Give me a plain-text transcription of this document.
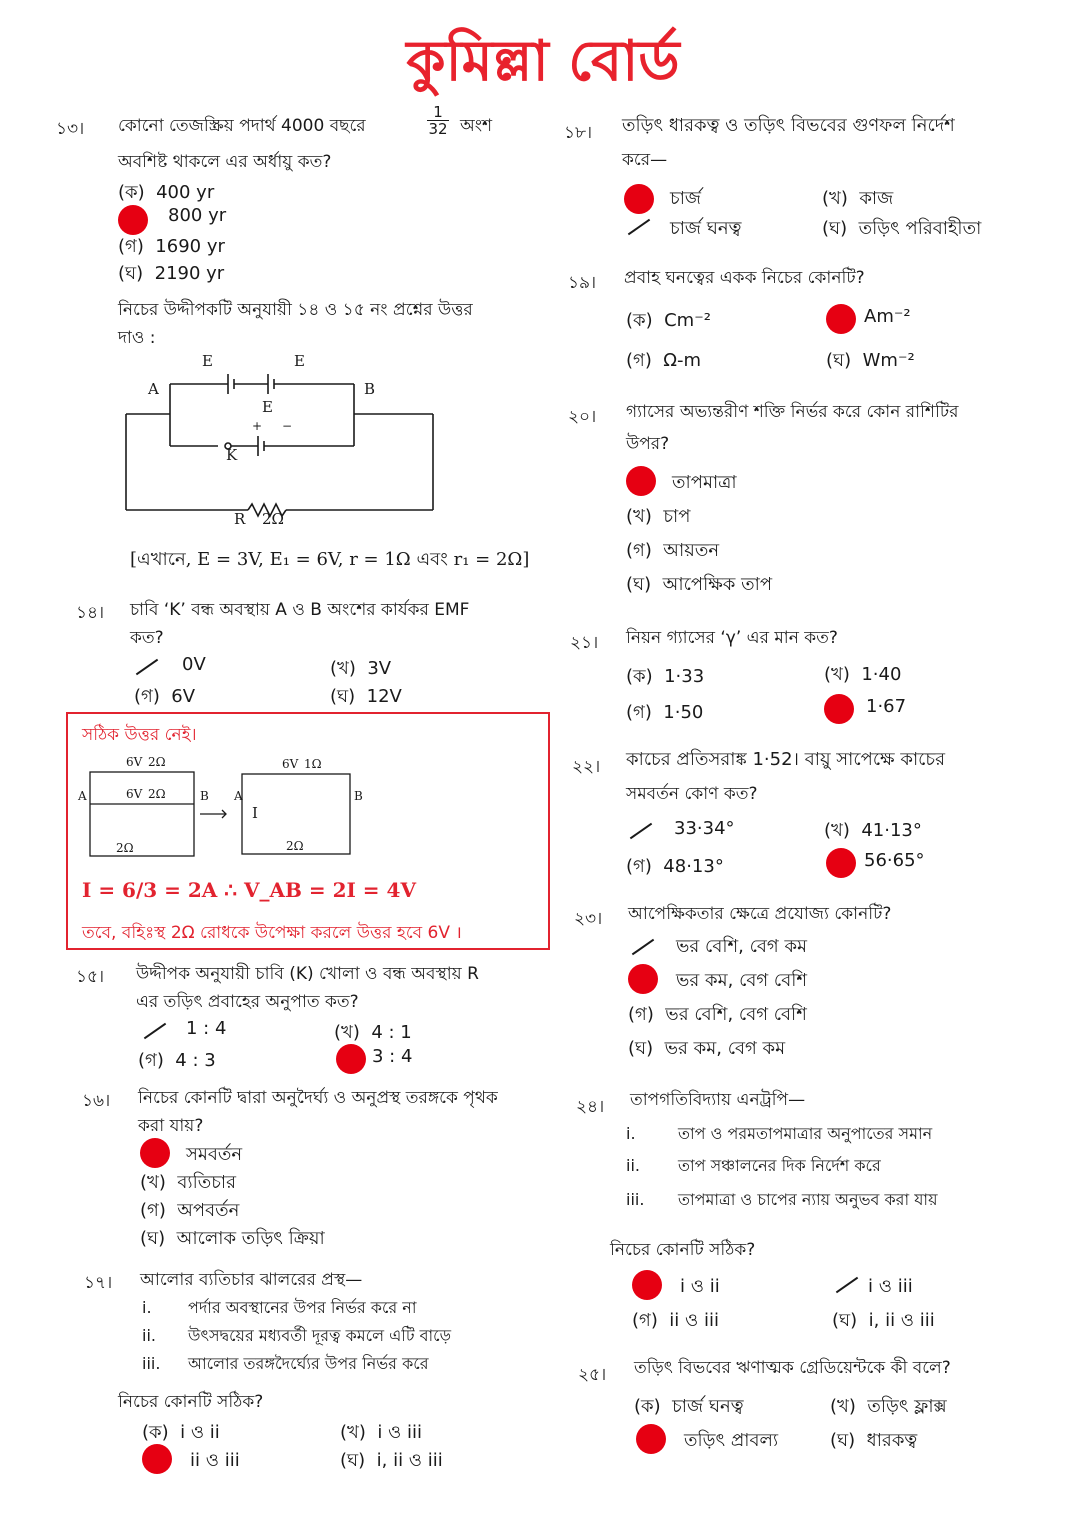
কুমিল্লা বোর্ড
১৩। কোনো তেজস্ক্রিয় পদার্থ 4000 বছরে	$\frac{1}{32}$ অংশ
অবশিষ্ট থাকলে এর অর্ধায়ু কত?
(ক) 400 yr
800 yr
(গ) 1690 yr
(ঘ) 2190 yr
নিচের উদ্দীপকটি অনুযায়ী ১৪ ও ১৫ নং প্রশ্নের উত্তর
দাও :
A	B
E	E
E
K
R 2Ω
+ −
[এখানে, E = 3V, E₁ = 6V, r = 1Ω এবং r₁ = 2Ω]
১৪। চাবি ‘K’ বন্ধ অবস্থায় A ও B অংশের কার্যকর EMF
কত?
0V	(খ) 3V
(গ) 6V	(ঘ) 12V
সঠিক উত্তর নেই।
A	B A	B
6V 2Ω
6V 2Ω
2Ω
6V 1Ω
2Ω
I
I = 6/3 = 2A ∴ V_AB = 2I = 4V
তবে, বহিঃস্থ 2Ω রোধকে উপেক্ষা করলে উত্তর হবে 6V ।
১৫। উদ্দীপক অনুযায়ী চাবি (K) খোলা ও বন্ধ অবস্থায় R
এর তড়িৎ প্রবাহের অনুপাত কত?
1 : 4	(খ) 4 : 1
(গ) 4 : 3	3 : 4
১৬। নিচের কোনটি দ্বারা অনুদৈর্ঘ্য ও অনুপ্রস্থ তরঙ্গকে পৃথক
করা যায়?
সমবর্তন
(খ) ব্যতিচার
(গ) অপবর্তন
(ঘ) আলোক তড়িৎ ক্রিয়া
১৭। আলোর ব্যতিচার ঝালরের প্রস্থ—
i. পর্দার অবস্থানের উপর নির্ভর করে না
ii. উৎসদ্বয়ের মধ্যবর্তী দূরত্ব কমলে এটি বাড়ে
iii. আলোর তরঙ্গদৈর্ঘ্যের উপর নির্ভর করে
নিচের কোনটি সঠিক?
(ক) i ও ii	(খ) i ও iii
ii ও iii	(ঘ) i, ii ও iii
১৮। তড়িৎ ধারকত্ব ও তড়িৎ বিভবের গুণফল নির্দেশ
করে—
চার্জ	(খ) কাজ
চার্জ ঘনত্ব	(ঘ) তড়িৎ পরিবাহীতা
১৯। প্রবাহ ঘনত্বের একক নিচের কোনটি?
(ক) Cm⁻²	Am⁻²
(গ) Ω-m	(ঘ) Wm⁻²
২০। গ্যাসের অভ্যন্তরীণ শক্তি নির্ভর করে কোন রাশিটির
উপর?
তাপমাত্রা
(খ) চাপ
(গ) আয়তন
(ঘ) আপেক্ষিক তাপ
২১। নিয়ন গ্যাসের ‘γ’ এর মান কত?
(ক) 1·33	(খ) 1·40
(গ) 1·50	1·67
২২। কাচের প্রতিসরাঙ্ক 1·52। বায়ু সাপেক্ষে কাচের
সমবর্তন কোণ কত?
33·34°	(খ) 41·13°
(গ) 48·13°	56·65°
২৩। আপেক্ষিকতার ক্ষেত্রে প্রযোজ্য কোনটি?
ভর বেশি, বেগ কম
ভর কম, বেগ বেশি
(গ) ভর বেশি, বেগ বেশি
(ঘ) ভর কম, বেগ কম
২৪। তাপগতিবিদ্যায় এনট্রপি—
i.	তাপ ও পরমতাপমাত্রার অনুপাতের সমান
ii. তাপ সঞ্চালনের দিক নির্দেশ করে
iii. তাপমাত্রা ও চাপের ন্যায় অনুভব করা যায়
নিচের কোনটি সঠিক?
i ও ii	i ও iii
(গ) ii ও iii	(ঘ) i, ii ও iii
২৫। তড়িৎ বিভবের ঋণাত্মক গ্রেডিয়েন্টকে কী বলে?
(ক) চার্জ ঘনত্ব	(খ) তড়িৎ ফ্লাক্স
তড়িৎ প্রাবল্য	(ঘ) ধারকত্ব
